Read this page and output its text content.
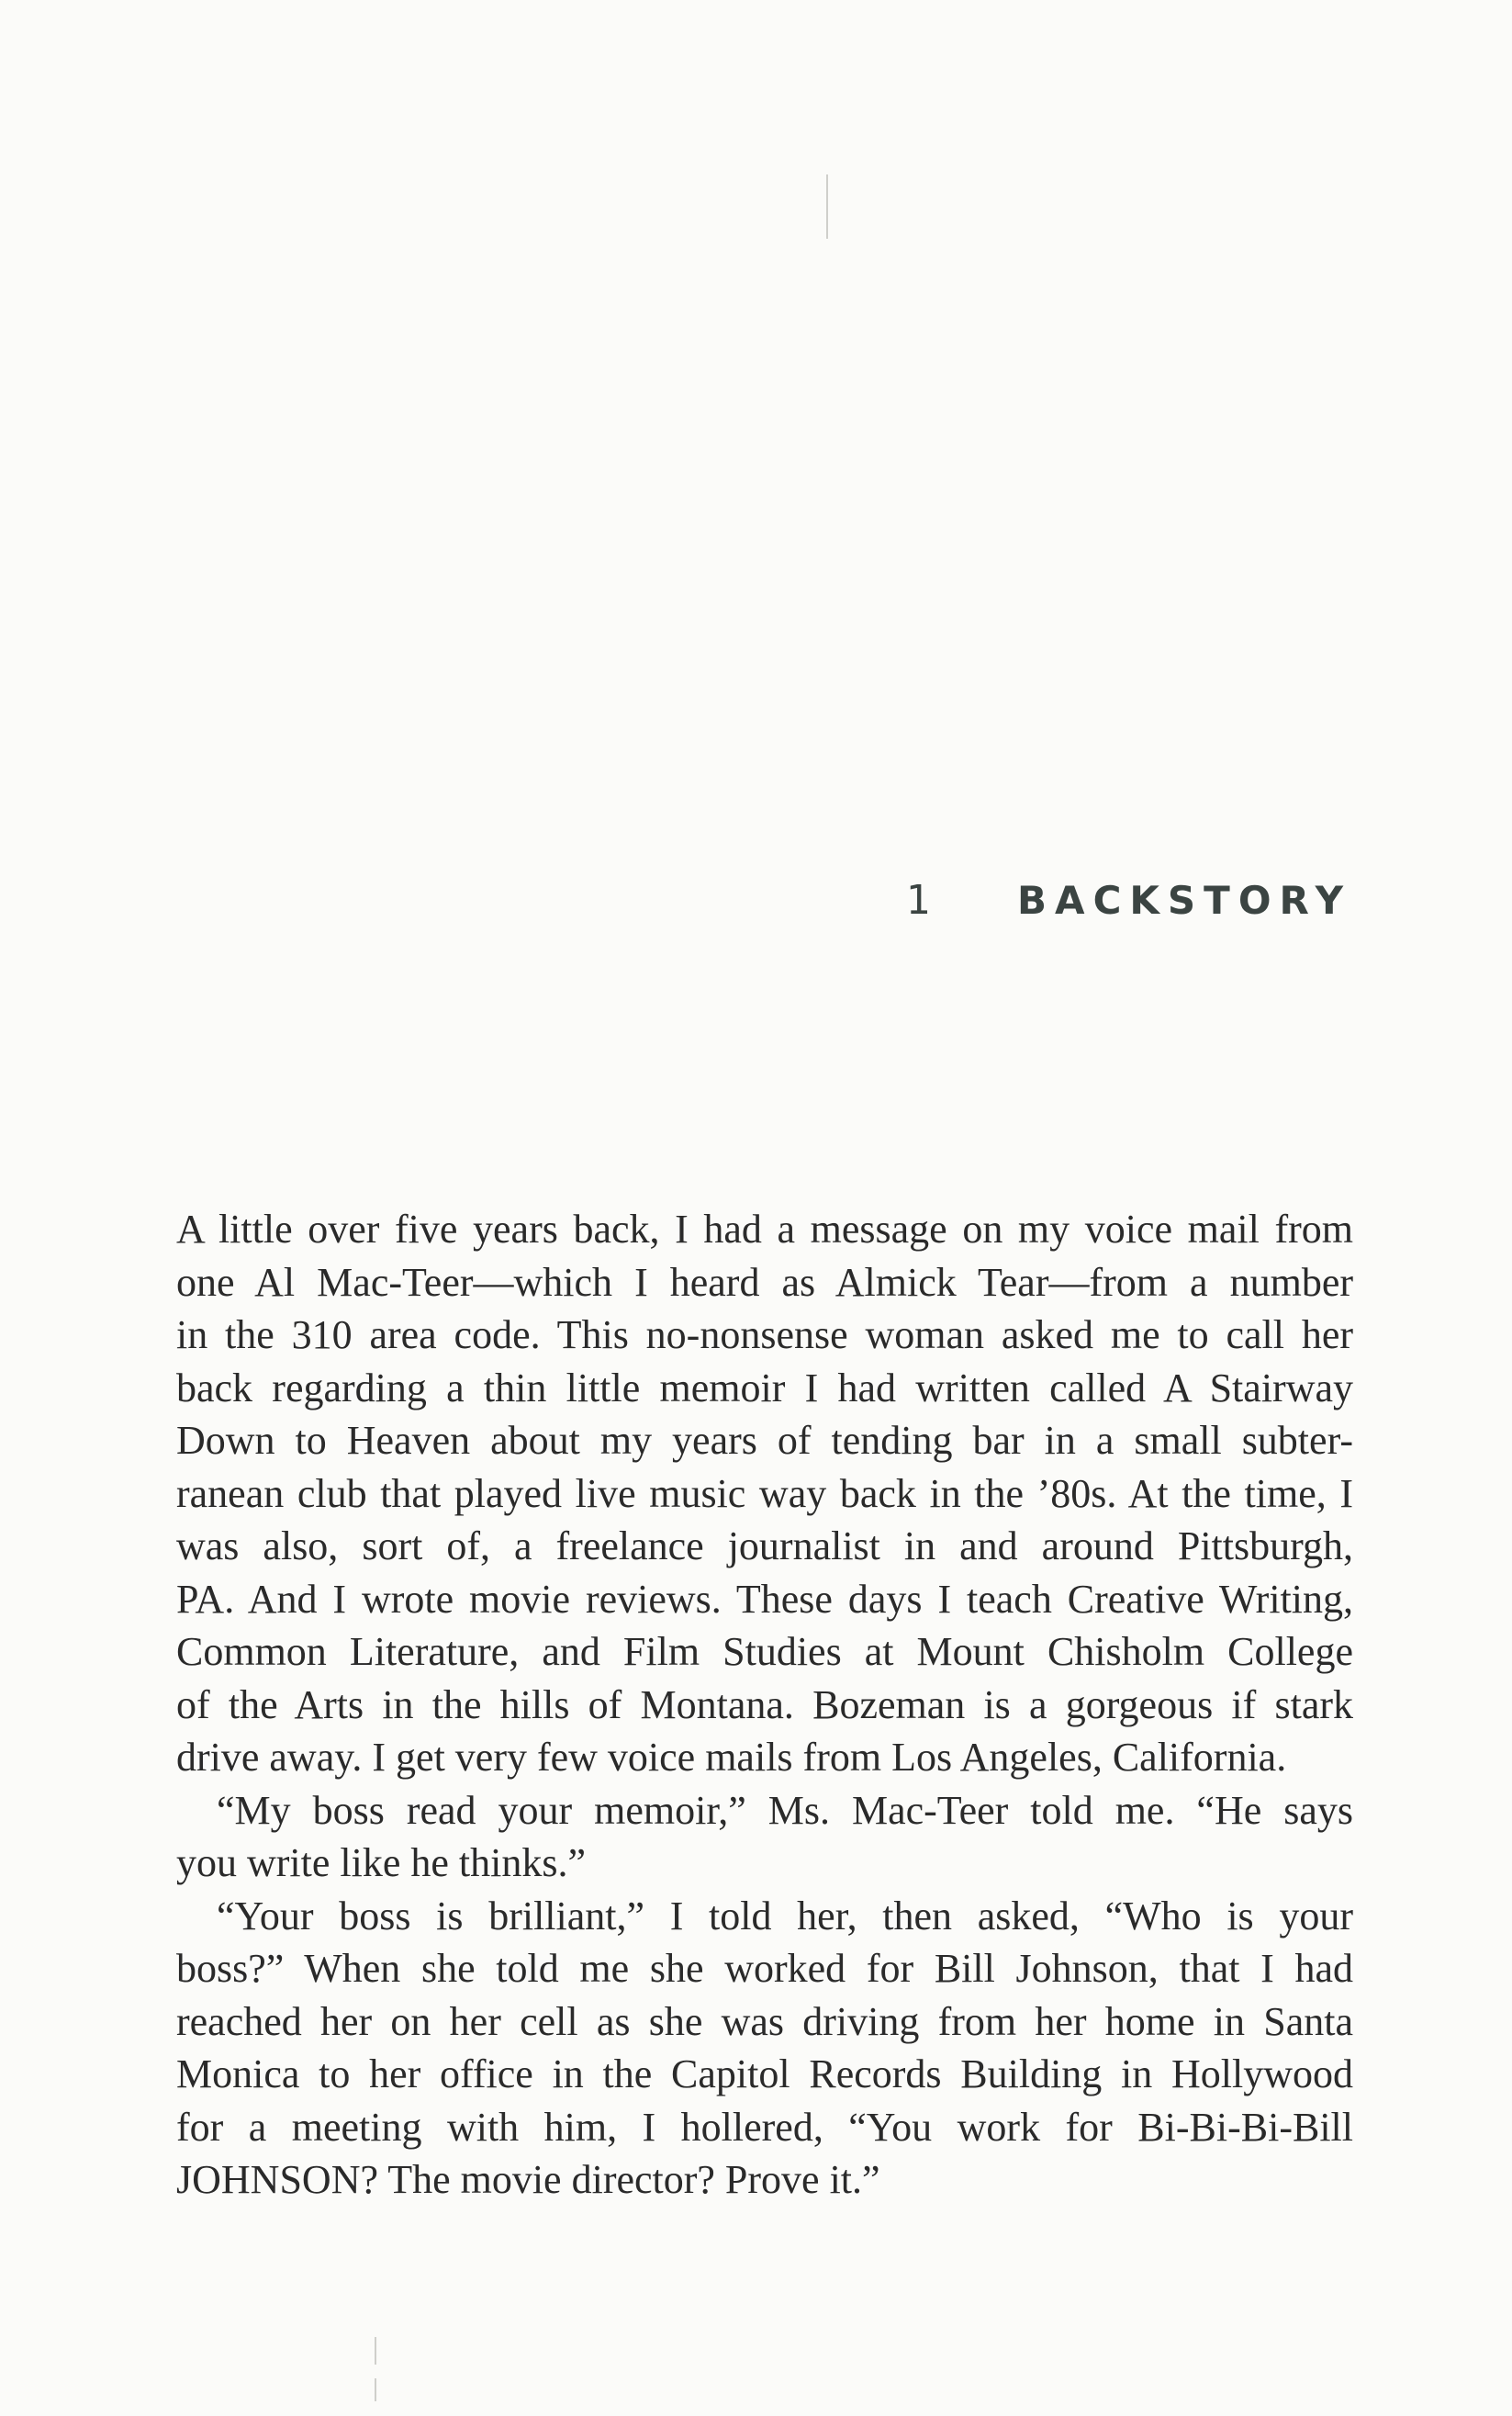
1 BACKSTORY
A little over five years back, I had a message on my voice mail from
one Al Mac-Teer—which I heard as Almick Tear—from a number
in the 310 area code. This no-nonsense woman asked me to call her
back regarding a thin little memoir I had written called A Stairway
Down to Heaven about my years of tending bar in a small subter-
ranean club that played live music way back in the ’80s. At the time, I
was also, sort of, a freelance journalist in and around Pittsburgh,
PA. And I wrote movie reviews. These days I teach Creative Writing,
Common Literature, and Film Studies at Mount Chisholm College
of the Arts in the hills of Montana. Bozeman is a gorgeous if stark
drive away. I get very few voice mails from Los Angeles, California.
“My boss read your memoir,” Ms. Mac-Teer told me. “He says
you write like he thinks.”
“Your boss is brilliant,” I told her, then asked, “Who is your
boss?” When she told me she worked for Bill Johnson, that I had
reached her on her cell as she was driving from her home in Santa
Monica to her office in the Capitol Records Building in Hollywood
for a meeting with him, I hollered, “You work for Bi-Bi-Bi-Bill
JOHNSON? The movie director? Prove it.”
